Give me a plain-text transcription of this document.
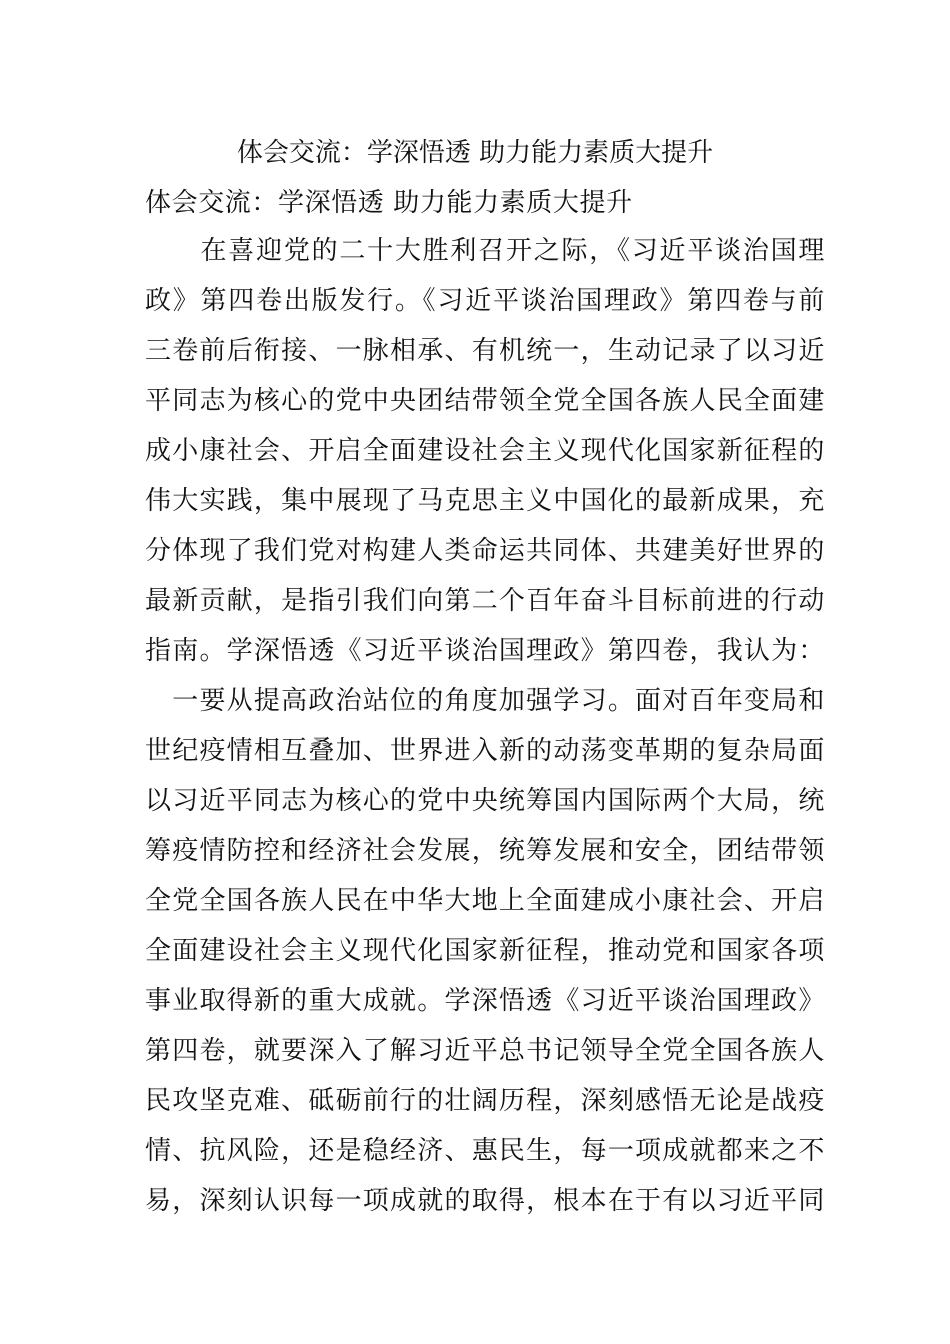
体会交流：学深悟透 助力能力素质大提升
体会交流：学深悟透 助力能力素质大提升
　　在喜迎党的二十大胜利召开之际，《习近平谈治国理
政》第四卷出版发行。《习近平谈治国理政》第四卷与前
三卷前后衔接、一脉相承、有机统一，生动记录了以习近
平同志为核心的党中央团结带领全党全国各族人民全面建
成小康社会、开启全面建设社会主义现代化国家新征程的
伟大实践，集中展现了马克思主义中国化的最新成果，充
分体现了我们党对构建人类命运共同体、共建美好世界的
最新贡献，是指引我们向第二个百年奋斗目标前进的行动
指南。学深悟透《习近平谈治国理政》第四卷，我认为：
　一要从提高政治站位的角度加强学习。面对百年变局和
世纪疫情相互叠加、世界进入新的动荡变革期的复杂局面
以习近平同志为核心的党中央统筹国内国际两个大局，统
筹疫情防控和经济社会发展，统筹发展和安全，团结带领
全党全国各族人民在中华大地上全面建成小康社会、开启
全面建设社会主义现代化国家新征程，推动党和国家各项
事业取得新的重大成就。学深悟透《习近平谈治国理政》
第四卷，就要深入了解习近平总书记领导全党全国各族人
民攻坚克难、砥砺前行的壮阔历程，深刻感悟无论是战疫
情、抗风险，还是稳经济、惠民生，每一项成就都来之不
易，深刻认识每一项成就的取得，根本在于有以习近平同
